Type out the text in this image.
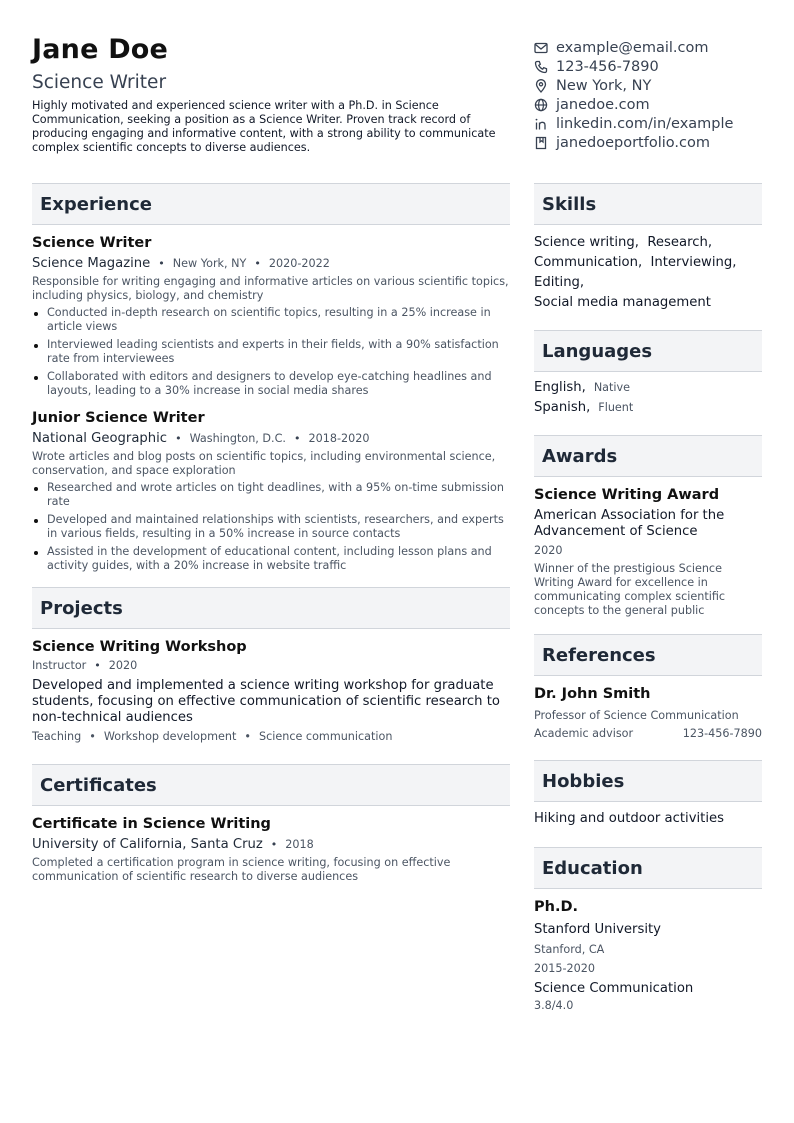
Jane Doe
Science Writer
Highly motivated and experienced science writer with a Ph.D. in Science Communication, seeking a position as a Science Writer. Proven track record of producing engaging and informative content, with a strong ability to communicate complex scientific concepts to diverse audiences.
example@email.com
123-456-7890
New York, NY
janedoe.com
linkedin.com/in/example
janedoeportfolio.com
Experience
Science Writer
Science Magazine • New York, NY • 2020-2022
Responsible for writing engaging and informative articles on various scientific topics, including physics, biology, and chemistry
Conducted in-depth research on scientific topics, resulting in a 25% increase in article views
Interviewed leading scientists and experts in their fields, with a 90% satisfaction rate from interviewees
Collaborated with editors and designers to develop eye-catching headlines and layouts, leading to a 30% increase in social media shares
Junior Science Writer
National Geographic • Washington, D.C. • 2018-2020
Wrote articles and blog posts on scientific topics, including environmental science, conservation, and space exploration
Researched and wrote articles on tight deadlines, with a 95% on-time submission rate
Developed and maintained relationships with scientists, researchers, and experts in various fields, resulting in a 50% increase in source contacts
Assisted in the development of educational content, including lesson plans and activity guides, with a 20% increase in website traffic
Projects
Science Writing Workshop
Instructor • 2020
Developed and implemented a science writing workshop for graduate students, focusing on effective communication of scientific research to non-technical audiences
Teaching • Workshop development • Science communication
Certificates
Certificate in Science Writing
University of California, Santa Cruz • 2018
Completed a certification program in science writing, focusing on effective communication of scientific research to diverse audiences
Skills
Science writing,  Research,
Communication,  Interviewing,
Editing,
Social media management
Languages
English, Native
Spanish, Fluent
Awards
Science Writing Award
American Association for the Advancement of Science
2020
Winner of the prestigious Science Writing Award for excellence in communicating complex scientific concepts to the general public
References
Dr. John Smith
Professor of Science Communication
Academic advisor	123-456-7890
Hobbies
Hiking and outdoor activities
Education
Ph.D.
Stanford University
Stanford, CA
2015-2020
Science Communication
3.8/4.0
